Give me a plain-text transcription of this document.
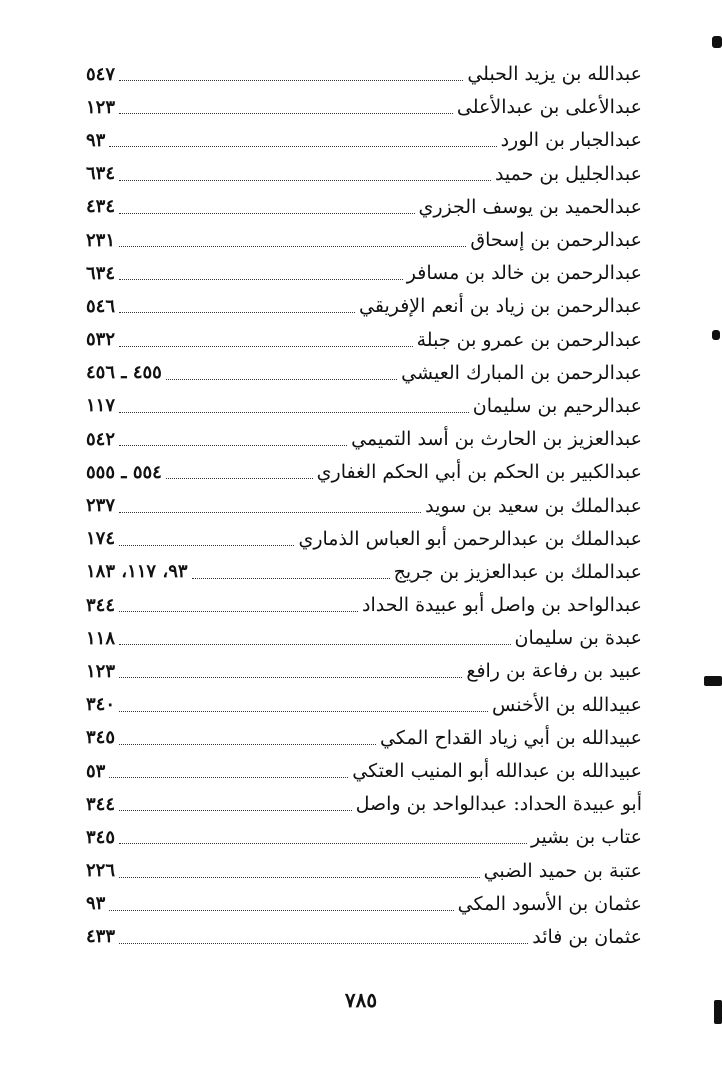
عبدالله بن يزيد الحبلي
٥٤٧
عبدالأعلى بن عبدالأعلى
١٢٣
عبدالجبار بن الورد
٩٣
عبدالجليل بن حميد
٦٣٤
عبدالحميد بن يوسف الجزري
٤٣٤
عبدالرحمن بن إسحاق
٢٣١
عبدالرحمن بن خالد بن مسافر
٦٣٤
عبدالرحمن بن زياد بن أنعم الإفريقي
٥٤٦
عبدالرحمن بن عمرو بن جبلة
٥٣٢
عبدالرحمن بن المبارك العيشي
٤٥٥ ـ ٤٥٦
عبدالرحيم بن سليمان
١١٧
عبدالعزيز بن الحارث بن أسد التميمي
٥٤٢
عبدالكبير بن الحكم بن أبي الحكم الغفاري
٥٥٤ ـ ٥٥٥
عبدالملك بن سعيد بن سويد
٢٣٧
عبدالملك بن عبدالرحمن أبو العباس الذماري
١٧٤
عبدالملك بن عبدالعزيز بن جريج
٩٣، ١١٧، ١٨٣
عبدالواحد بن واصل أبو عبيدة الحداد
٣٤٤
عبدة بن سليمان
١١٨
عبيد بن رفاعة بن رافع
١٢٣
عبيدالله بن الأخنس
٣٤٠
عبيدالله بن أبي زياد القداح المكي
٣٤٥
عبيدالله بن عبدالله أبو المنيب العتكي
٥٣
أبو عبيدة الحداد: عبدالواحد بن واصل
٣٤٤
عتاب بن بشير
٣٤٥
عتبة بن حميد الضبي
٢٢٦
عثمان بن الأسود المكي
٩٣
عثمان بن فائد
٤٣٣
٧٨٥
